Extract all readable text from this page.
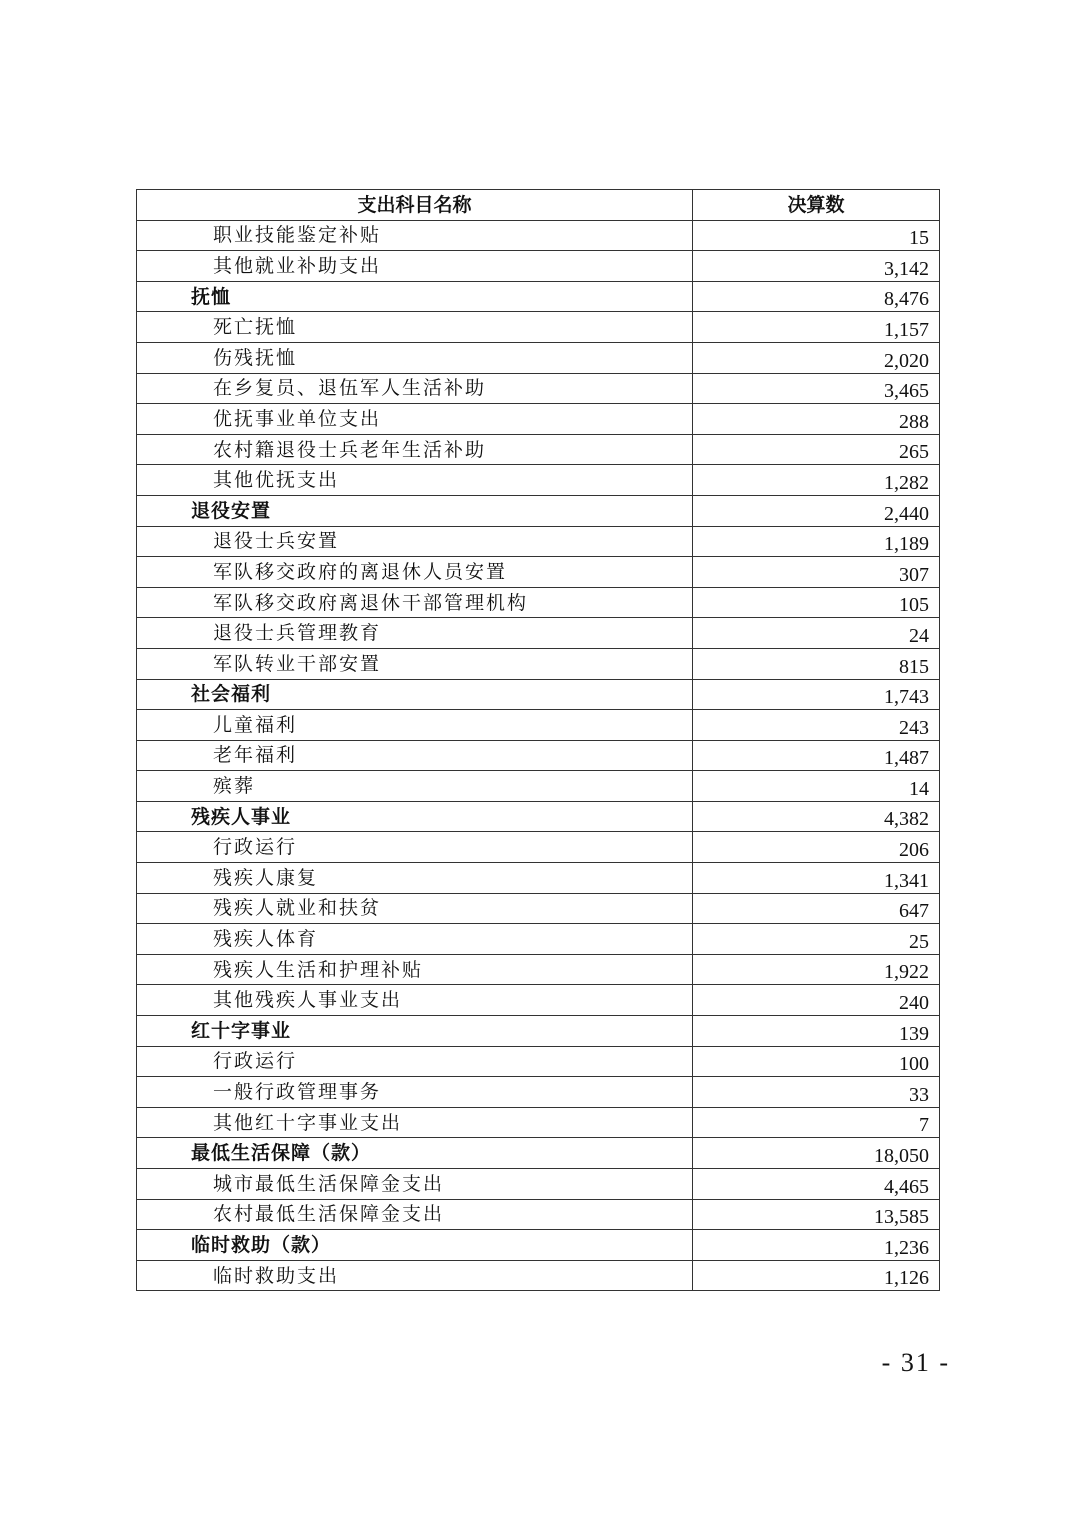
支出科目名称	决算数
职业技能鉴定补贴	15
其他就业补助支出	3,142
抚恤	8,476
死亡抚恤	1,157
伤残抚恤	2,020
在乡复员、退伍军人生活补助	3,465
优抚事业单位支出	288
农村籍退役士兵老年生活补助	265
其他优抚支出	1,282
退役安置	2,440
退役士兵安置	1,189
军队移交政府的离退休人员安置	307
军队移交政府离退休干部管理机构	105
退役士兵管理教育	24
军队转业干部安置	815
社会福利	1,743
儿童福利	243
老年福利	1,487
殡葬	14
残疾人事业	4,382
行政运行	206
残疾人康复	1,341
残疾人就业和扶贫	647
残疾人体育	25
残疾人生活和护理补贴	1,922
其他残疾人事业支出	240
红十字事业	139
行政运行	100
一般行政管理事务	33
其他红十字事业支出	7
最低生活保障（款）	18,050
城市最低生活保障金支出	4,465
农村最低生活保障金支出	13,585
临时救助（款）	1,236
临时救助支出	1,126
- 31 -
